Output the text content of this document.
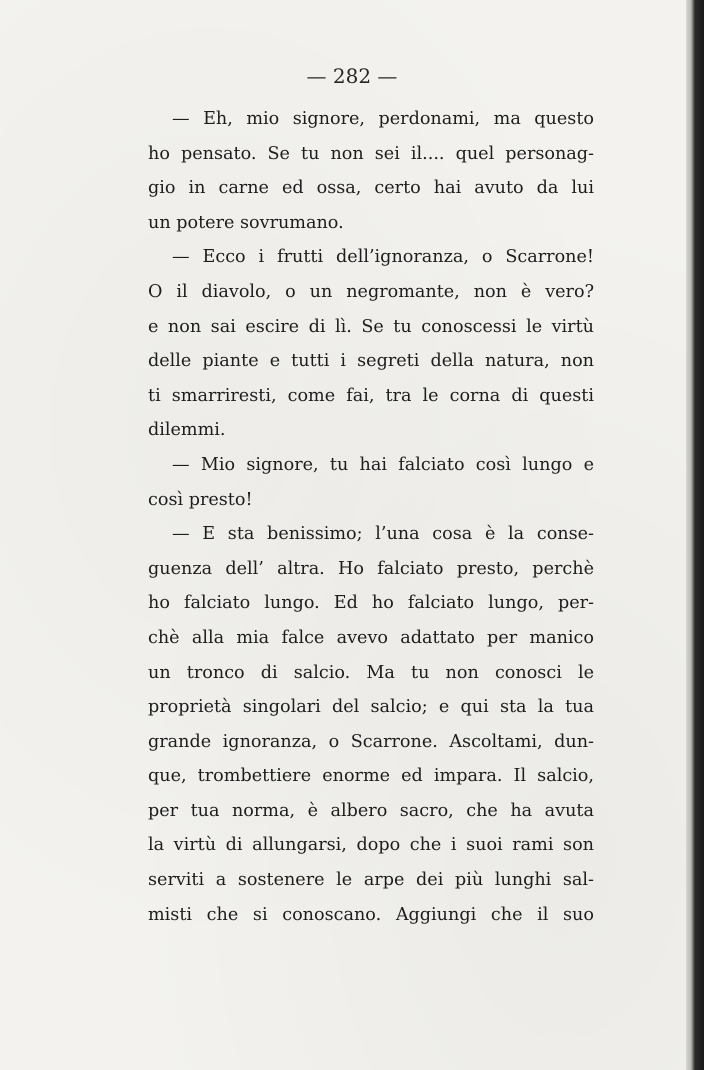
— 282 —
— Eh, mio signore, perdonami, ma questo
ho pensato. Se tu non sei il.... quel personag-
gio in carne ed ossa, certo hai avuto da lui
un potere sovrumano.
— Ecco i frutti dell’ignoranza, o Scarrone!
O il diavolo, o un negromante, non è vero?
e non sai escire di lì. Se tu conoscessi le virtù
delle piante e tutti i segreti della natura, non
ti smarriresti, come fai, tra le corna di questi
dilemmi.
— Mio signore, tu hai falciato così lungo e
così presto!
— E sta benissimo; l’una cosa è la conse-
guenza dell’ altra. Ho falciato presto, perchè
ho falciato lungo. Ed ho falciato lungo, per-
chè alla mia falce avevo adattato per manico
un tronco di salcio. Ma tu non conosci le
proprietà singolari del salcio; e qui sta la tua
grande ignoranza, o Scarrone. Ascoltami, dun-
que, trombettiere enorme ed impara. Il salcio,
per tua norma, è albero sacro, che ha avuta
la virtù di allungarsi, dopo che i suoi rami son
serviti a sostenere le arpe dei più lunghi sal-
misti che si conoscano. Aggiungi che il suo
